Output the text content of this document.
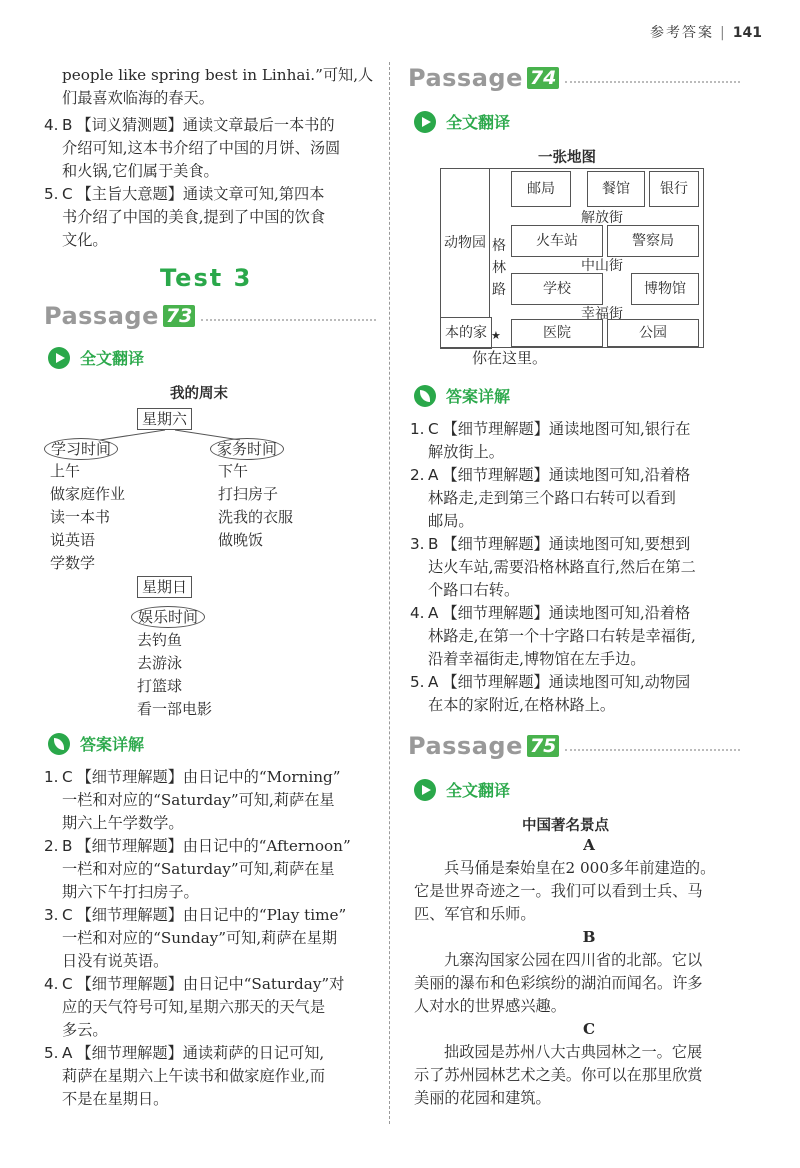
参考答案 | 141

people like spring best in Linhai.”可知,人

们最喜欢临海的春天。

4. B 【词义猜测题】通读文章最后一本书的
介绍可知,这本书介绍了中国的月饼、汤圆
和火锅,它们属于美食。
5. C 【主旨大意题】通读文章可知,第四本
书介绍了中国的美食,提到了中国的饮食
文化。
Test 3
Passage 73
全文翻译
我的周末
星期六
学习时间	家务时间
上午
做家庭作业
读一本书
说英语
学数学
下午
打扫房子
洗我的衣服
做晚饭
星期日
娱乐时间
去钓鱼
去游泳
打篮球
看一部电影
答案详解
1. C 【细节理解题】由日记中的“Morning”
一栏和对应的“Saturday”可知,莉萨在星
期六上午学数学。
2. B 【细节理解题】由日记中的“Afternoon”
一栏和对应的“Saturday”可知,莉萨在星
期六下午打扫房子。
3. C 【细节理解题】由日记中的“Play time”
一栏和对应的“Sunday”可知,莉萨在星期
日没有说英语。
4. C 【细节理解题】由日记中“Saturday”对
应的天气符号可知,星期六那天的天气是
多云。
5. A 【细节理解题】通读莉萨的日记可知,
莉萨在星期六上午读书和做家庭作业,而
不是在星期日。
Passage 74
全文翻译
一张地图
邮局	餐馆	银行
解放街
动物园 格
林
路
火车站	警察局
中山街
学校	博物馆
幸福街
本的家 ★	医院	公园
你在这里。
答案详解
1. C 【细节理解题】通读地图可知,银行在
解放街上。
2. A 【细节理解题】通读地图可知,沿着格
林路走,走到第三个路口右转可以看到
邮局。
3. B 【细节理解题】通读地图可知,要想到
达火车站,需要沿格林路直行,然后在第二
个路口右转。
4. A 【细节理解题】通读地图可知,沿着格
林路走,在第一个十字路口右转是幸福街,
沿着幸福街走,博物馆在左手边。
5. A 【细节理解题】通读地图可知,动物园
在本的家附近,在格林路上。
Passage 75
全文翻译
中国著名景点
A

兵马俑是秦始皇在2 000多年前建造的。
它是世界奇迹之一。我们可以看到士兵、马
匹、军官和乐师。

B

九寨沟国家公园在四川省的北部。它以
美丽的瀑布和色彩缤纷的湖泊而闻名。许多
人对水的世界感兴趣。

C

拙政园是苏州八大古典园林之一。它展
示了苏州园林艺术之美。你可以在那里欣赏
美丽的花园和建筑。
